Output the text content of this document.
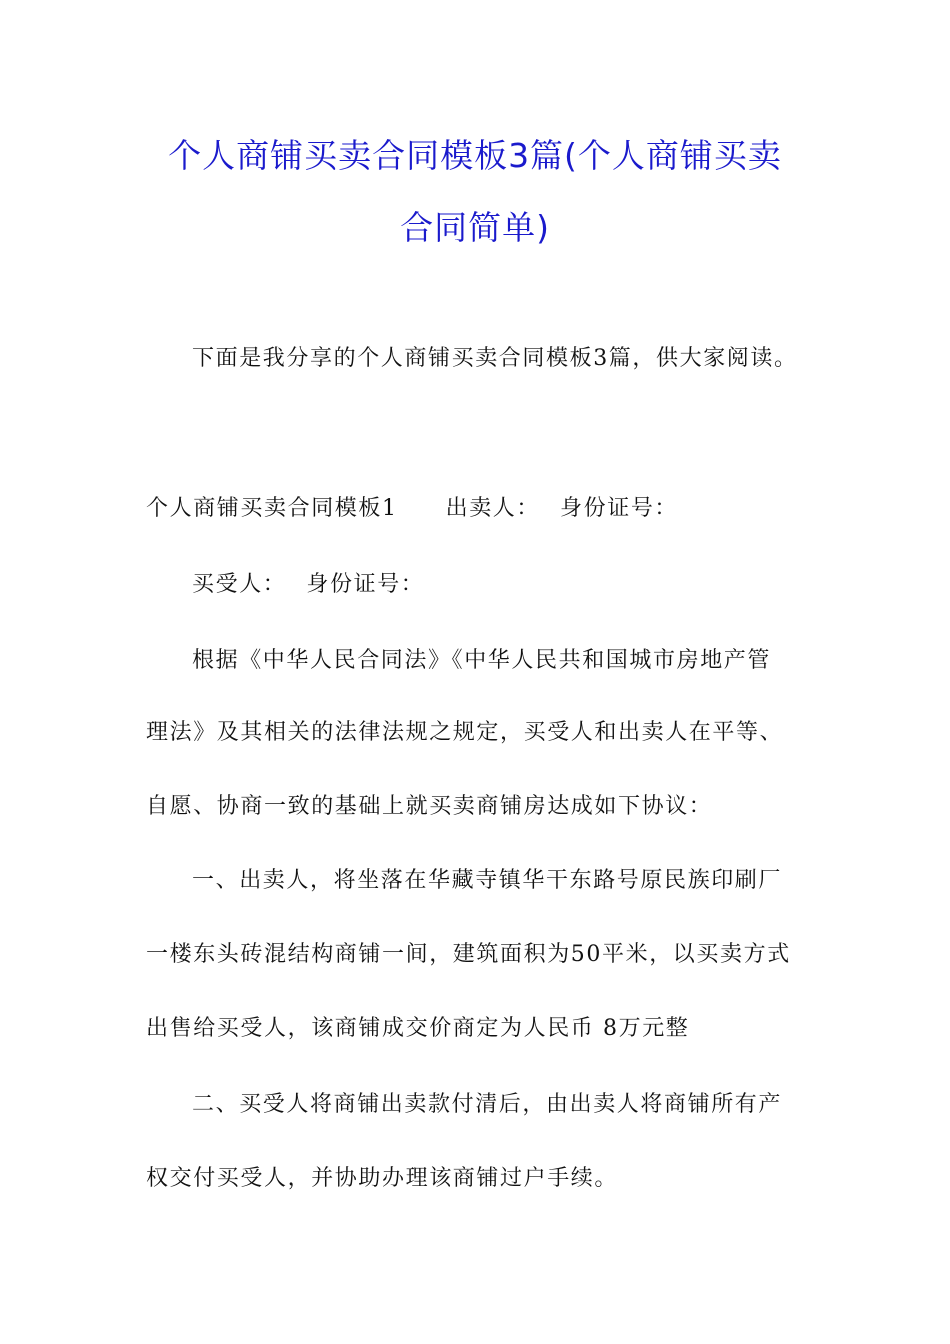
个人商铺买卖合同模板3篇(个人商铺买卖
合同简单)
下面是我分享的个人商铺买卖合同模板3篇，供大家阅读。
个人商铺买卖合同模板1 出卖人： 身份证号：
买受人： 身份证号：
根据《中华人民合同法》《中华人民共和国城市房地产管
理法》及其相关的法律法规之规定，买受人和出卖人在平等、
自愿、协商一致的基础上就买卖商铺房达成如下协议：
一、出卖人，将坐落在华藏寺镇华干东路号原民族印刷厂
一楼东头砖混结构商铺一间，建筑面积为50平米，以买卖方式
出售给买受人，该商铺成交价商定为人民币 8万元整
二、买受人将商铺出卖款付清后，由出卖人将商铺所有产
权交付买受人，并协助办理该商铺过户手续。
